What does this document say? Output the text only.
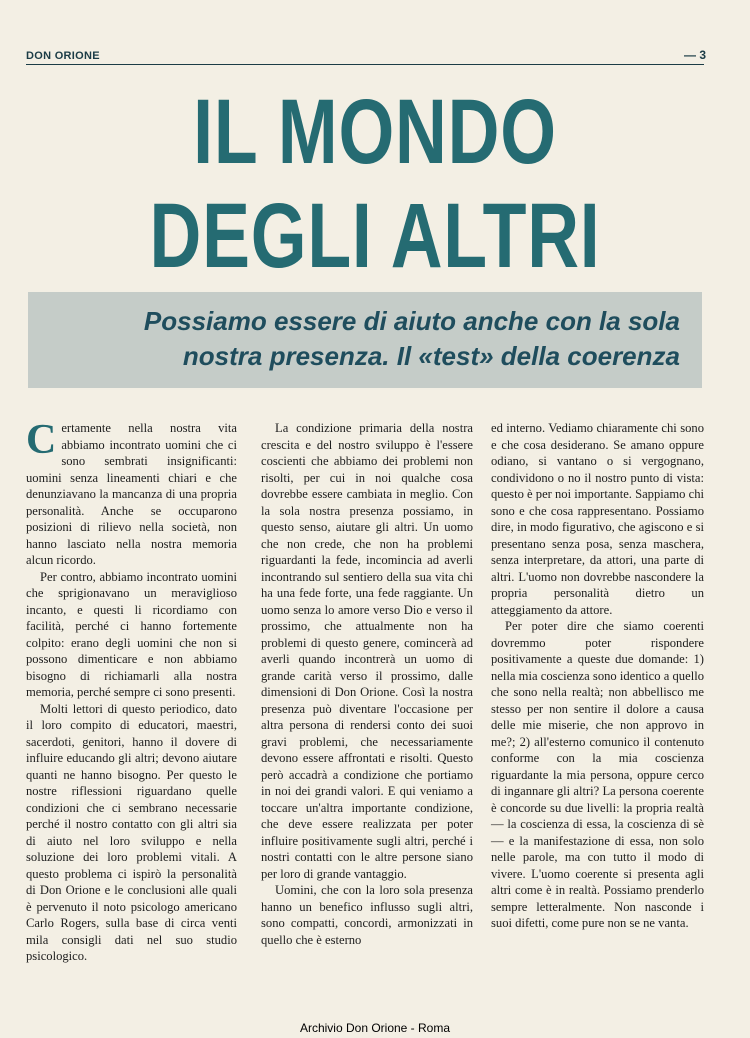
DON ORIONE	— 3
IL MONDO
DEGLI ALTRI
Possiamo essere di aiuto anche con la sola
nostra presenza. Il «test» della coerenza

Certamente nella nostra vita abbiamo incontrato uomini che ci sono sembrati insignificanti: uomini senza lineamenti chiari e che denunziavano la mancanza di una propria personalità. Anche se occuparono posizioni di rilievo nella società, non hanno lasciato nella nostra memoria alcun ricordo.

Per contro, abbiamo incontrato uomini che sprigionavano un meraviglioso incanto, e questi li ricordiamo con facilità, perché ci hanno fortemente colpito: erano degli uomini che non si possono dimenticare e non abbiamo bisogno di richiamarli alla nostra memoria, perché sempre ci sono presenti.

Molti lettori di questo periodico, dato il loro compito di educatori, maestri, sacerdoti, genitori, hanno il dovere di influire educando gli altri; devono aiutare quanti ne hanno bisogno. Per questo le nostre riflessioni riguardano quelle condizioni che ci sembrano necessarie perché il nostro contatto con gli altri sia di aiuto nel loro sviluppo e nella soluzione dei loro problemi vitali. A questo problema ci ispirò la personalità di Don Orione e le conclusioni alle quali è pervenuto il noto psicologo americano Carlo Rogers, sulla base di circa venti mila consigli dati nel suo studio psicologico.

La condizione primaria della nostra crescita e del nostro sviluppo è l'essere coscienti che abbiamo dei problemi non risolti, per cui in noi qualche cosa dovrebbe essere cambiata in meglio. Con la sola nostra presenza possiamo, in questo senso, aiutare gli altri. Un uomo che non crede, che non ha problemi riguardanti la fede, incomincia ad averli incontrando sul sentiero della sua vita chi ha una fede forte, una fede raggiante. Un uomo senza lo amore verso Dio e verso il prossimo, che attualmente non ha problemi di questo genere, comincerà ad averli quando incontrerà un uomo di grande carità verso il prossimo, dalle dimensioni di Don Orione. Così la nostra presenza può diventare l'occasione per altra persona di rendersi conto dei suoi gravi problemi, che necessariamente devono essere affrontati e risolti. Questo però accadrà a condizione che portiamo in noi dei grandi valori. E qui veniamo a toccare un'altra importante condizione, che deve essere realizzata per poter influire positivamente sugli altri, perché i nostri contatti con le altre persone siano per loro di grande vantaggio.

Uomini, che con la loro sola presenza hanno un benefico influsso sugli altri, sono compatti, concordi, armonizzati in quello che è esterno

ed interno. Vediamo chiaramente chi sono e che cosa desiderano. Se amano oppure odiano, si vantano o si vergognano, condividono o no il nostro punto di vista: questo è per noi importante. Sappiamo chi sono e che cosa rappresentano. Possiamo dire, in modo figurativo, che agiscono e si presentano senza posa, senza maschera, senza interpretare, da attori, una parte di altri. L'uomo non dovrebbe nascondere la propria personalità dietro un atteggiamento da attore.

Per poter dire che siamo coerenti dovremmo poter rispondere positivamente a queste due domande: 1) nella mia coscienza sono identico a quello che sono nella realtà; non abbellisco me stesso per non sentire il dolore a causa delle mie miserie, che non approvo in me?; 2) all'esterno comunico il contenuto conforme con la mia coscienza riguardante la mia persona, oppure cerco di ingannare gli altri? La persona coerente è concorde su due livelli: la propria realtà — la coscienza di essa, la coscienza di sè — e la manifestazione di essa, non solo nelle parole, ma con tutto il modo di vivere. L'uomo coerente si presenta agli altri come è in realtà. Possiamo prenderlo sempre letteralmente. Non nasconde i suoi difetti, come pure non se ne vanta.

Archivio Don Orione - Roma
